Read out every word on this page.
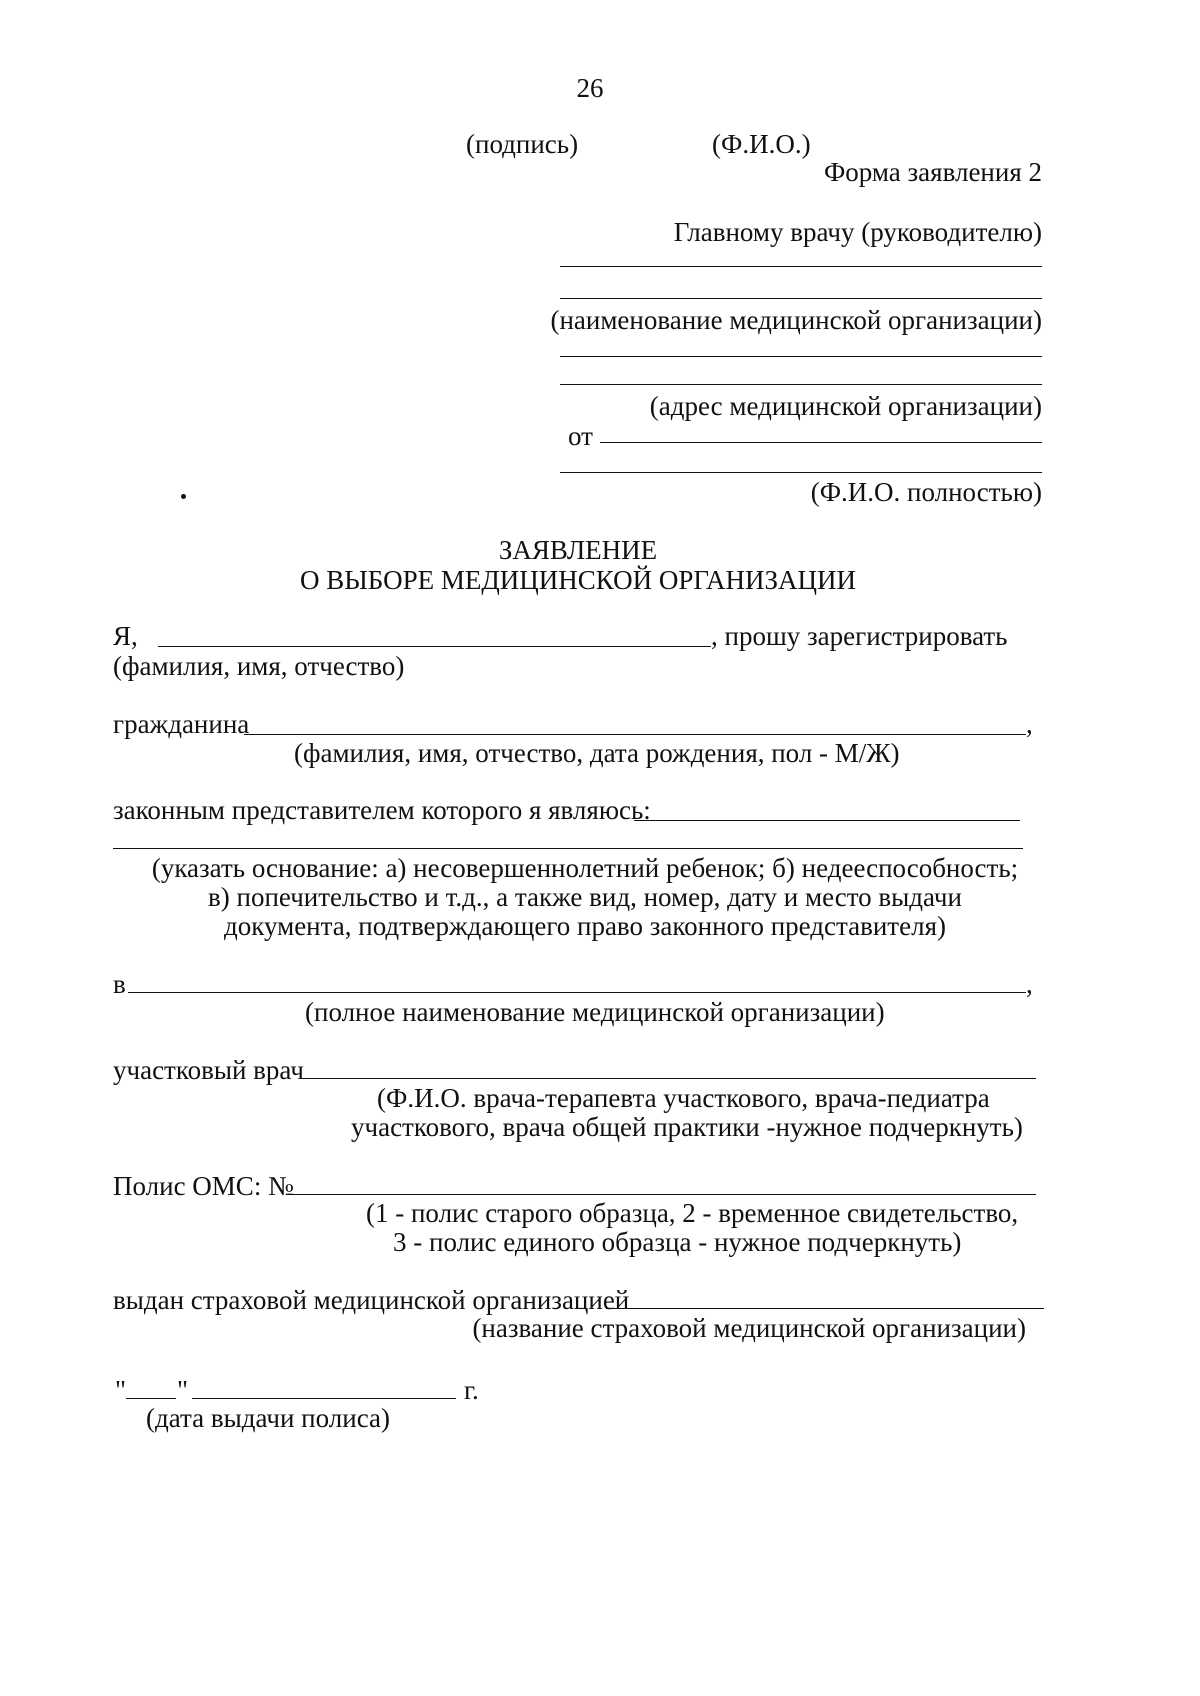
26
(подпись)	(Ф.И.О.)
Форма заявления 2
Главному врачу (руководителю)
(наименование медицинской организации)
(адрес медицинской организации)
от
(Ф.И.О. полностью)
ЗАЯВЛЕНИЕ
О ВЫБОРЕ МЕДИЦИНСКОЙ ОРГАНИЗАЦИИ
Я,	, прошу зарегистрировать
(фамилия, имя, отчество)
гражданина	,
(фамилия, имя, отчество, дата рождения, пол - М/Ж)
законным представителем которого я являюсь:
(указать основание: а) несовершеннолетний ребенок; б) недееспособность;
в) попечительство и т.д., а также вид, номер, дату и место выдачи
документа, подтверждающего право законного представителя)
в	,
(полное наименование медицинской организации)
участковый врач
(Ф.И.О. врача-терапевта участкового, врача-педиатра
участкового, врача общей практики -нужное подчеркнуть)
Полис ОМС: №
(1 - полис старого образца, 2 - временное свидетельство,
3 - полис единого образца - нужное подчеркнуть)
выдан страховой медицинской организацией
(название страховой медицинской организации)
" "	г.
(дата выдачи полиса)
